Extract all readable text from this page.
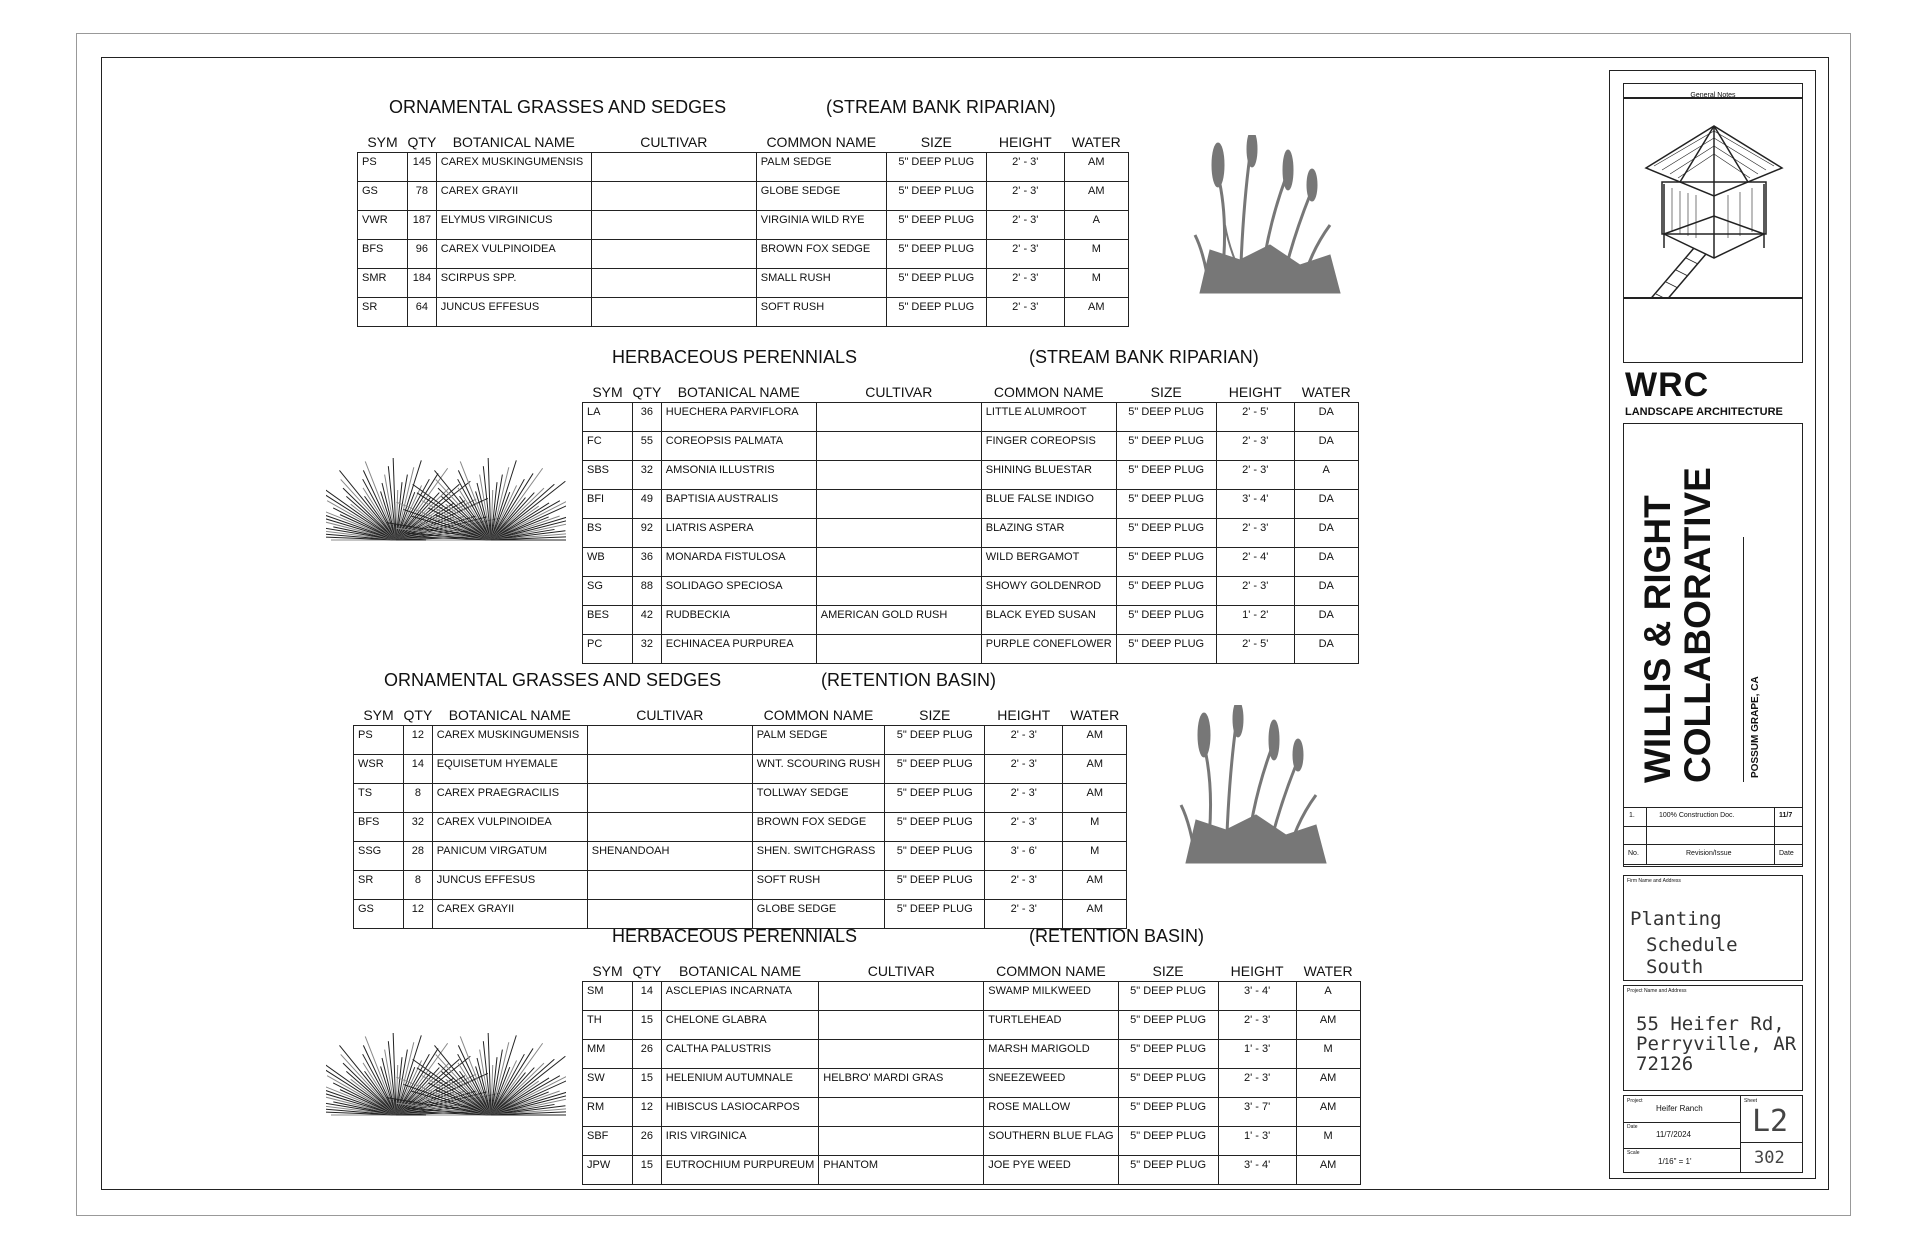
ORNAMENTAL GRASSES AND SEDGES	(STREAM BANK RIPARIAN)
SYM	QTY	BOTANICAL NAME	CULTIVAR	COMMON NAME	SIZE	HEIGHT	WATER
PS	145	CAREX MUSKINGUMENSIS		PALM SEDGE	5" DEEP PLUG	2' - 3'	AM
GS	78	CAREX GRAYII		GLOBE SEDGE	5" DEEP PLUG	2' - 3'	AM
VWR	187	ELYMUS VIRGINICUS		VIRGINIA WILD RYE	5" DEEP PLUG	2' - 3'	A
BFS	96	CAREX VULPINOIDEA		BROWN FOX SEDGE	5" DEEP PLUG	2' - 3'	M
SMR	184	SCIRPUS SPP.		SMALL RUSH	5" DEEP PLUG	2' - 3'	M
SR	64	JUNCUS EFFESUS		SOFT RUSH	5" DEEP PLUG	2' - 3'	AM
HERBACEOUS PERENNIALS	(STREAM BANK RIPARIAN)
SYM	QTY	BOTANICAL NAME	CULTIVAR	COMMON NAME	SIZE	HEIGHT	WATER
LA	36	HUECHERA PARVIFLORA		LITTLE ALUMROOT	5" DEEP PLUG	2' - 5'	DA
FC	55	COREOPSIS PALMATA		FINGER COREOPSIS	5" DEEP PLUG	2' - 3'	DA
SBS	32	AMSONIA ILLUSTRIS		SHINING BLUESTAR	5" DEEP PLUG	2' - 3'	A
BFI	49	BAPTISIA AUSTRALIS		BLUE FALSE INDIGO	5" DEEP PLUG	3' - 4'	DA
BS	92	LIATRIS ASPERA		BLAZING STAR	5" DEEP PLUG	2' - 3'	DA
WB	36	MONARDA FISTULOSA		WILD BERGAMOT	5" DEEP PLUG	2' - 4'	DA
SG	88	SOLIDAGO SPECIOSA		SHOWY GOLDENROD	5" DEEP PLUG	2' - 3'	DA
BES	42	RUDBECKIA	AMERICAN GOLD RUSH	BLACK EYED SUSAN	5" DEEP PLUG	1' - 2'	DA
PC	32	ECHINACEA PURPUREA		PURPLE CONEFLOWER	5" DEEP PLUG	2' - 5'	DA
ORNAMENTAL GRASSES AND SEDGES	(RETENTION BASIN)
SYM	QTY	BOTANICAL NAME	CULTIVAR	COMMON NAME	SIZE	HEIGHT	WATER
PS	12	CAREX MUSKINGUMENSIS		PALM SEDGE	5" DEEP PLUG	2' - 3'	AM
WSR	14	EQUISETUM HYEMALE		WNT. SCOURING RUSH	5" DEEP PLUG	2' - 3'	AM
TS	8	CAREX PRAEGRACILIS		TOLLWAY SEDGE	5" DEEP PLUG	2' - 3'	AM
BFS	32	CAREX VULPINOIDEA		BROWN FOX SEDGE	5" DEEP PLUG	2' - 3'	M
SSG	28	PANICUM VIRGATUM	SHENANDOAH	SHEN. SWITCHGRASS	5" DEEP PLUG	3' - 6'	M
SR	8	JUNCUS EFFESUS		SOFT RUSH	5" DEEP PLUG	2' - 3'	AM
GS	12	CAREX GRAYII		GLOBE SEDGE	5" DEEP PLUG	2' - 3'	AM
HERBACEOUS PERENNIALS	(RETENTION BASIN)
SYM	QTY	BOTANICAL NAME	CULTIVAR	COMMON NAME	SIZE	HEIGHT	WATER
SM	14	ASCLEPIAS INCARNATA		SWAMP MILKWEED	5" DEEP PLUG	3' - 4'	A
TH	15	CHELONE GLABRA		TURTLEHEAD	5" DEEP PLUG	2' - 3'	AM
MM	26	CALTHA PALUSTRIS		MARSH MARIGOLD	5" DEEP PLUG	1' - 3'	M
SW	15	HELENIUM AUTUMNALE	HELBRO' MARDI GRAS	SNEEZEWEED	5" DEEP PLUG	2' - 3'	AM
RM	12	HIBISCUS LASIOCARPOS		ROSE MALLOW	5" DEEP PLUG	3' - 7'	AM
SBF	26	IRIS VIRGINICA		SOUTHERN BLUE FLAG	5" DEEP PLUG	1' - 3'	M
JPW	15	EUTROCHIUM PURPUREUM	PHANTOM	JOE PYE WEED	5" DEEP PLUG	3' - 4'	AM
General Notes
WRC
LANDSCAPE ARCHITECTURE
WILLIS & RIGHT COLLABORATIVE	POSSUM GRAPE, CA
1.	100% Construction Doc.	11/7
No.	Revision/Issue	Date
Firm Name and Address
Planting
Schedule South
Project Name and Address
55 Heifer Rd,
Perryville, AR
72126
Project
Heifer Ranch
Sheet
Date
11/7/2024
Scale
1/16" = 1'
L2
302
